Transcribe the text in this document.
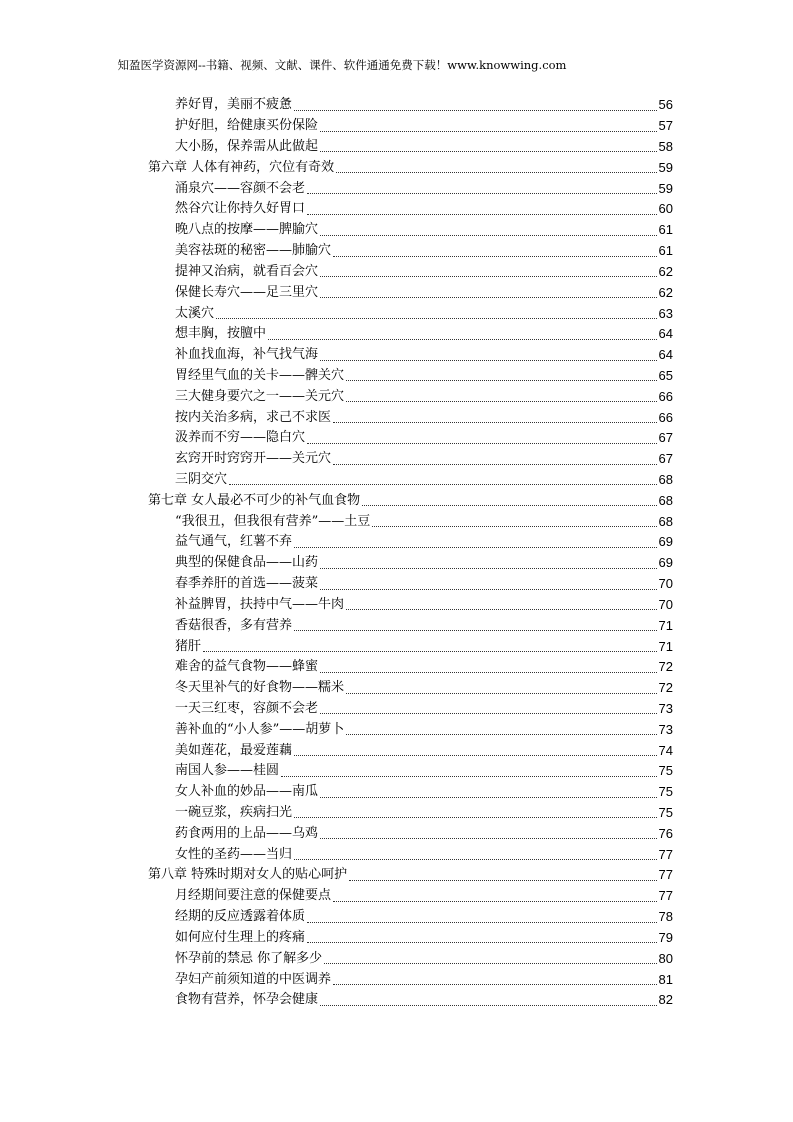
知盈医学资源网--书籍、视频、文献、课件、软件通通免费下载！www.knowwing.com
养好胃，美丽不疲惫	56
护好胆，给健康买份保险	57
大小肠，保养需从此做起	58
第六章 人体有神药，穴位有奇效	59
涌泉穴——容颜不会老	59
然谷穴让你持久好胃口	60
晚八点的按摩——脾腧穴	61
美容祛斑的秘密——肺腧穴	61
提神又治病，就看百会穴	62
保健长寿穴——足三里穴	62
太溪穴	63
想丰胸，按膻中	64
补血找血海，补气找气海	64
胃经里气血的关卡——髀关穴	65
三大健身要穴之一——关元穴	66
按内关治多病，求己不求医	66
汲养而不穷——隐白穴	67
玄窍开时窍窍开——关元穴	67
三阴交穴	68
第七章 女人最必不可少的补气血食物	68
“我很丑，但我很有营养”——土豆	68
益气通气，红薯不弃	69
典型的保健食品——山药	69
春季养肝的首选——菠菜	70
补益脾胃，扶持中气——牛肉	70
香菇很香，多有营养	71
猪肝	71
难舍的益气食物——蜂蜜	72
冬天里补气的好食物——糯米	72
一天三红枣，容颜不会老	73
善补血的“小人参”——胡萝卜	73
美如莲花，最爱莲藕	74
南国人参——桂圆	75
女人补血的妙品——南瓜	75
一碗豆浆，疾病扫光	75
药食两用的上品——乌鸡	76
女性的圣药——当归	77
第八章 特殊时期对女人的贴心呵护	77
月经期间要注意的保健要点	77
经期的反应透露着体质	78
如何应付生理上的疼痛	79
怀孕前的禁忌 你了解多少	80
孕妇产前须知道的中医调养	81
食物有营养，怀孕会健康	82
